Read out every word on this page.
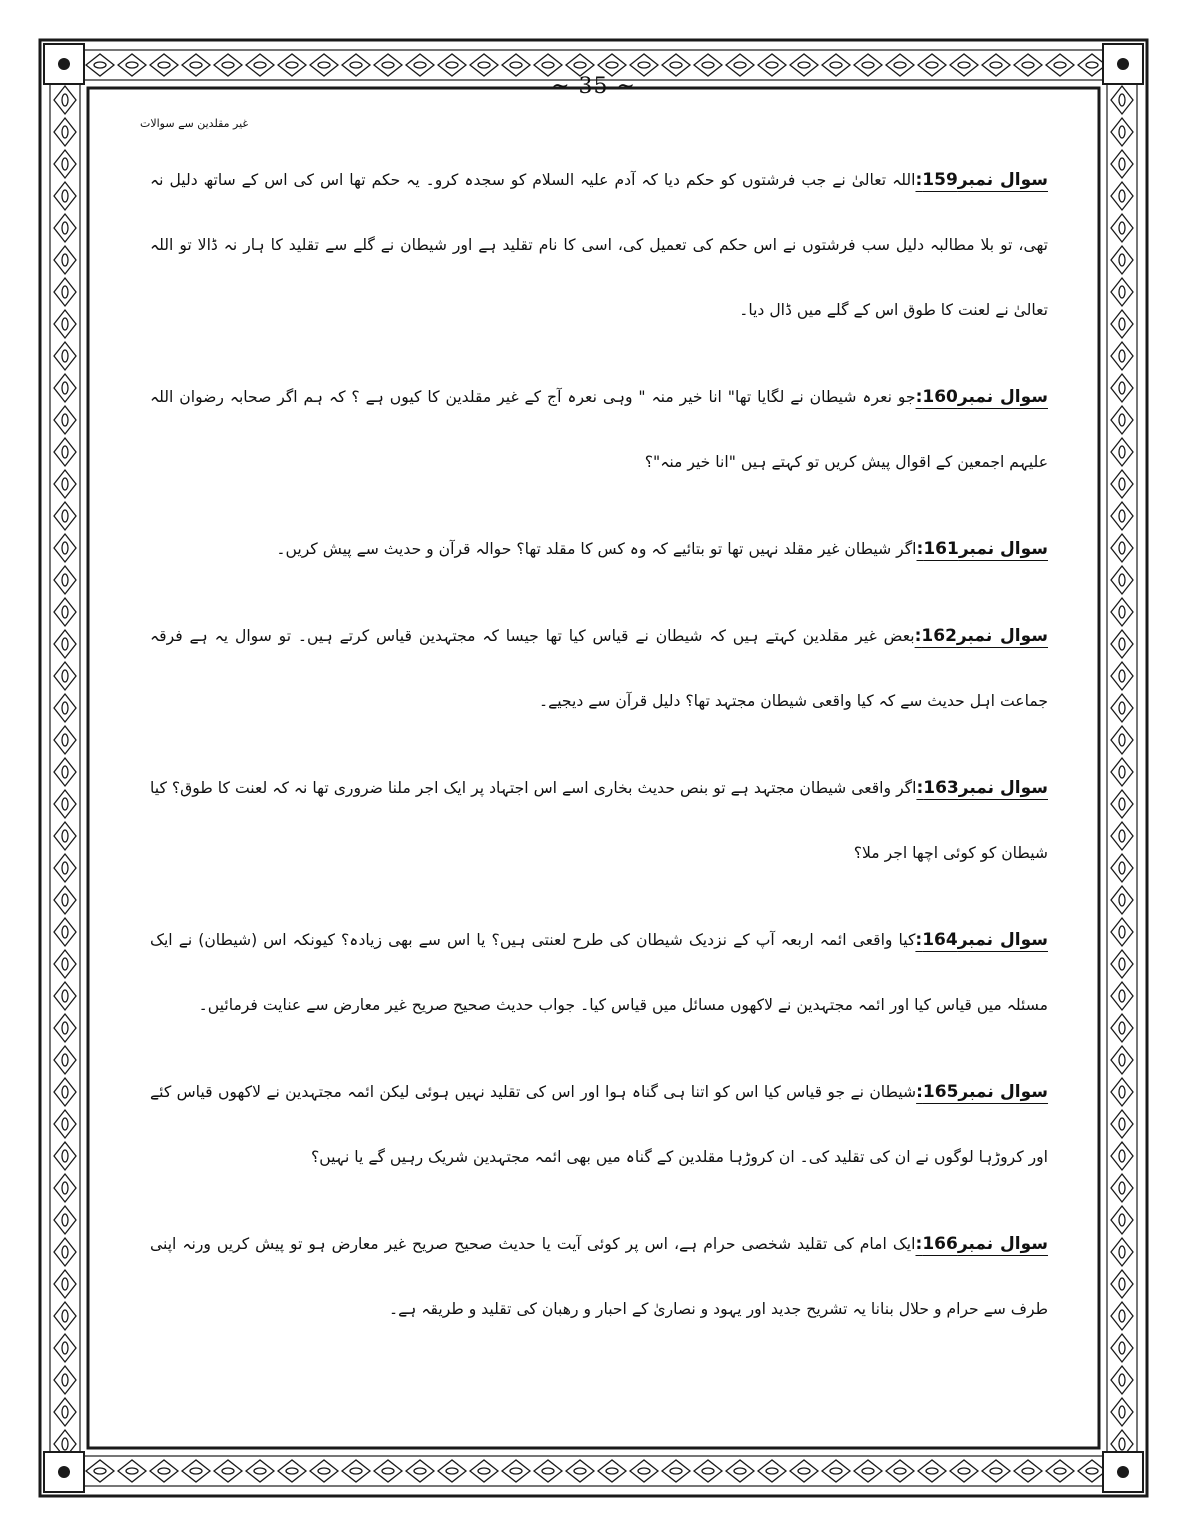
~ 35 ~
غیر مقلدین سے سوالات

سوال نمبر159:اللہ تعالیٰ نے جب فرشتوں کو حکم دیا کہ آدم علیہ السلام کو سجدہ کرو۔ یہ حکم تھا اس کی اس کے ساتھ دلیل نہ تھی، تو بلا مطالبہ دلیل سب فرشتوں نے اس حکم کی تعمیل کی، اسی کا نام تقلید ہے اور شیطان نے گلے سے تقلید کا ہار نہ ڈالا تو اللہ تعالیٰ نے لعنت کا طوق اس کے گلے میں ڈال دیا۔

سوال نمبر160:جو نعرہ شیطان نے لگایا تھا" انا خیر منہ " وہی نعرہ آج کے غیر مقلدین کا کیوں ہے ؟ کہ ہم اگر صحابہ رضوان اللہ علیہم اجمعین کے اقوال پیش کریں تو کہتے ہیں "انا خیر منہ"؟

سوال نمبر161:اگر شیطان غیر مقلد نہیں تھا تو بتائیے کہ وہ کس کا مقلد تھا؟ حوالہ قرآن و حدیث سے پیش کریں۔

سوال نمبر162:بعض غیر مقلدین کہتے ہیں کہ شیطان نے قیاس کیا تھا جیسا کہ مجتہدین قیاس کرتے ہیں۔ تو سوال یہ ہے فرقہ جماعت اہل حدیث سے کہ کیا واقعی شیطان مجتہد تھا؟ دلیل قرآن سے دیجیے۔

سوال نمبر163:اگر واقعی شیطان مجتہد ہے تو بنص حدیث بخاری اسے اس اجتہاد پر ایک اجر ملنا ضروری تھا نہ کہ لعنت کا طوق؟ کیا شیطان کو کوئی اچھا اجر ملا؟

سوال نمبر164:کیا واقعی ائمہ اربعہ آپ کے نزدیک شیطان کی طرح لعنتی ہیں؟ یا اس سے بھی زیادہ؟ کیونکہ اس (شیطان) نے ایک مسئلہ میں قیاس کیا اور ائمہ مجتہدین نے لاکھوں مسائل میں قیاس کیا۔ جواب حدیث صحیح صریح غیر معارض سے عنایت فرمائیں۔

سوال نمبر165:شیطان نے جو قیاس کیا اس کو اتنا ہی گناہ ہوا اور اس کی تقلید نہیں ہوئی لیکن ائمہ مجتہدین نے لاکھوں قیاس کئے اور کروڑہا لوگوں نے ان کی تقلید کی۔ ان کروڑہا مقلدین کے گناہ میں بھی ائمہ مجتہدین شریک رہیں گے یا نہیں؟

سوال نمبر166:ایک امام کی تقلید شخصی حرام ہے، اس پر کوئی آیت یا حدیث صحیح صریح غیر معارض ہو تو پیش کریں ورنہ اپنی طرف سے حرام و حلال بنانا یہ تشریح جدید اور یہود و نصاریٰ کے احبار و رھبان کی تقلید و طریقہ ہے۔
